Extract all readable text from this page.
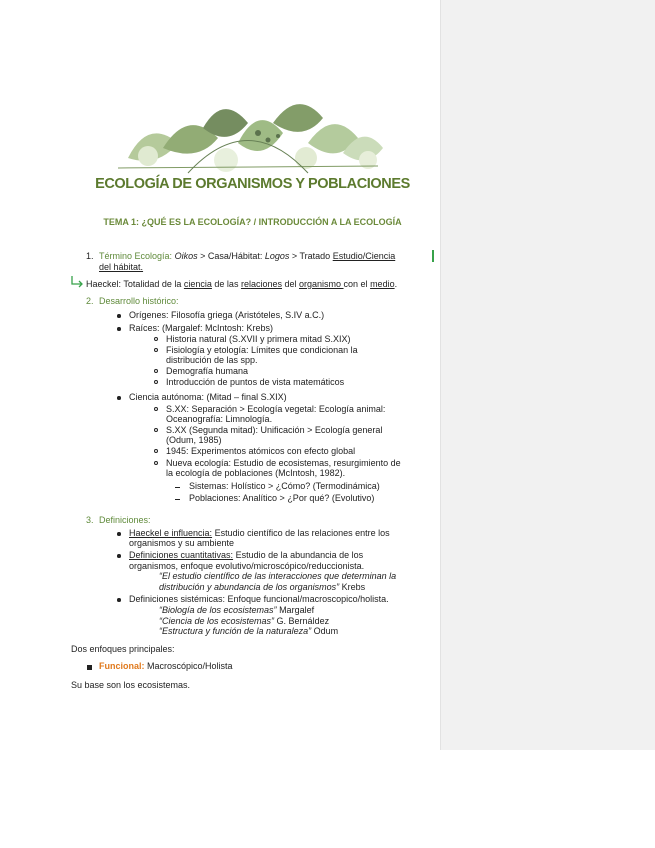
ECOLOGÍA DE ORGANISMOS Y POBLACIONES
TEMA 1: ¿QUÉ ES LA ECOLOGÍA? / INTRODUCCIÓN A LA ECOLOGÍA
1. Término Ecología: Oikos > Casa/Hábitat: Logos > Tratado Estudio/Ciencia
del hábitat.
Haeckel: Totalidad de la ciencia de las relaciones del organismo con el medio.
2. Desarrollo histórico:
Orígenes: Filosofía griega (Aristóteles, S.IV a.C.)
Raíces: (Margalef: McIntosh: Krebs)
Historia natural (S.XVII y primera mitad S.XIX)
Fisiología y etología: Límites que condicionan la
distribución de las spp.
Demografía humana
Introducción de puntos de vista matemáticos
Ciencia autónoma: (Mitad – final S.XIX)
S.XX: Separación > Ecología vegetal: Ecología animal:
Oceanografía: Limnología.
S.XX (Segunda mitad): Unificación > Ecología general
(Odum, 1985)
1945: Experimentos atómicos con efecto global
Nueva ecología: Estudio de ecosistemas, resurgimiento de
la ecología de poblaciones (McIntosh, 1982).
Sistemas: Holístico > ¿Cómo? (Termodinámica)
Poblaciones: Analítico > ¿Por qué? (Evolutivo)
3. Definiciones:
Haeckel e influencia: Estudio científico de las relaciones entre los
organismos y su ambiente
Definiciones cuantitativas: Estudio de la abundancia de los
organismos, enfoque evolutivo/microscópico/reduccionista.
“El estudio científico de las interacciones que determinan la
distribución y abundancia de los organismos” Krebs
Definiciones sistémicas: Enfoque funcional/macroscopico/holista.
“Biología de los ecosistemas” Margalef
“Ciencia de los ecosistemas” G. Bernáldez
“Estructura y función de la naturaleza” Odum
Dos enfoques principales:
Funcional: Macroscópico/Holista
Su base son los ecosistemas.
